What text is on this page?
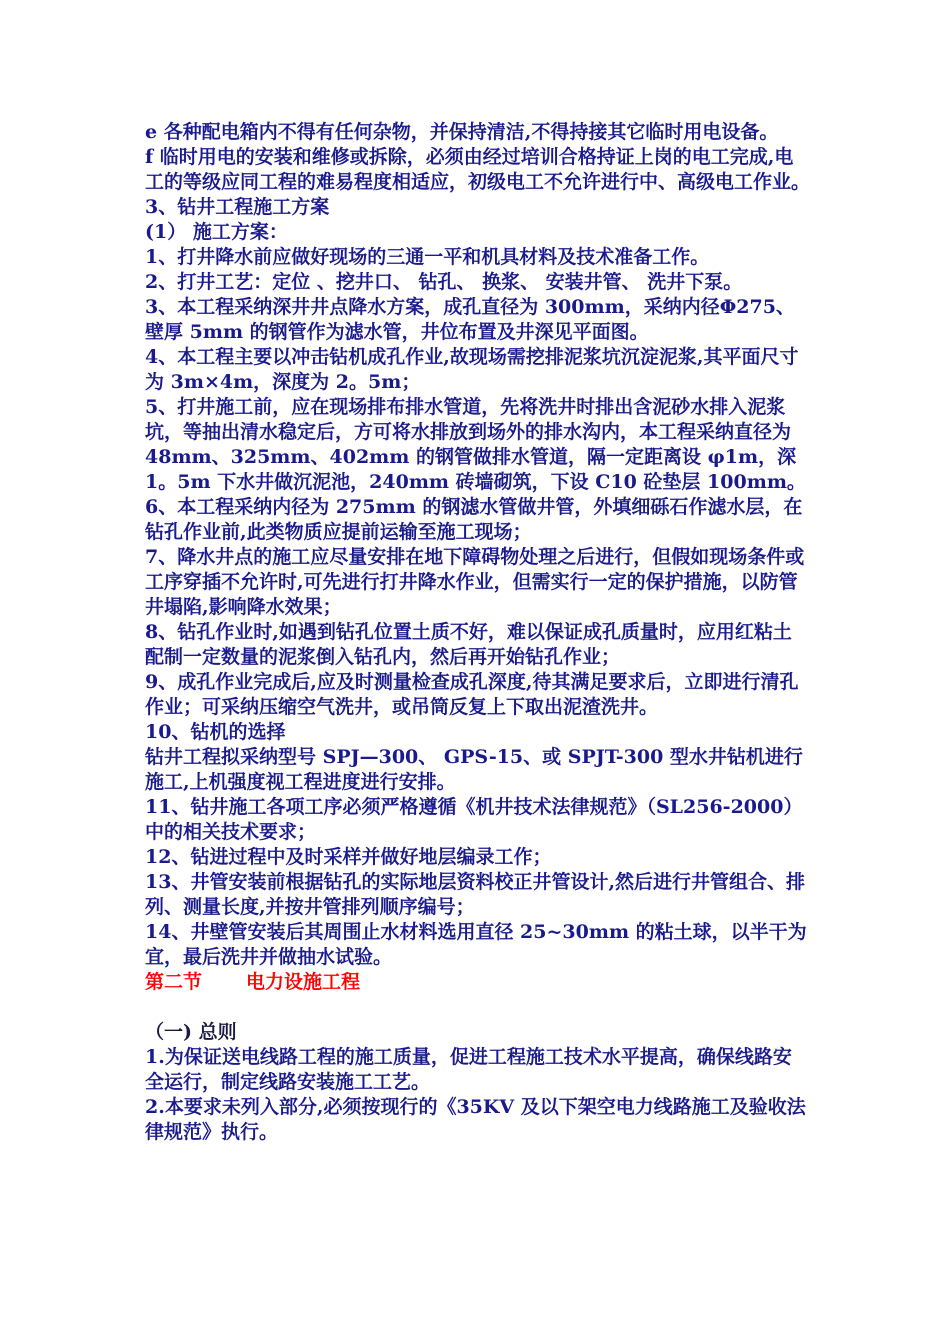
e 各种配电箱内不得有任何杂物，并保持清洁,不得持接其它临时用电设备。

f 临时用电的安装和维修或拆除，必须由经过培训合格持证上岗的电工完成,电工的等级应同工程的难易程度相适应，初级电工不允许进行中、高级电工作业。

3、钻井工程施工方案

(1） 施工方案：

1、打井降水前应做好现场的三通一平和机具材料及技术准备工作。

2、打井工艺：定位 、挖井口、 钻孔、 换浆、 安装井管、 洗井下泵。

3、本工程采纳深井井点降水方案，成孔直径为 300mm，采纳内径Φ275、壁厚 5mm 的钢管作为滤水管，井位布置及井深见平面图。

4、本工程主要以冲击钻机成孔作业,故现场需挖排泥浆坑沉淀泥浆,其平面尺寸为 3m×4m，深度为 2。5m；

5、打井施工前，应在现场排布排水管道，先将洗井时排出含泥砂水排入泥浆坑，等抽出清水稳定后，方可将水排放到场外的排水沟内，本工程采纳直径为 48mm、325mm、402mm 的钢管做排水管道，隔一定距离设 φ1m，深 1。5m 下水井做沉泥池，240mm 砖墙砌筑，下设 C10 砼垫层 100mm。

6、本工程采纳内径为 275mm 的钢滤水管做井管，外填细砾石作滤水层，在钻孔作业前,此类物质应提前运输至施工现场；

7、降水井点的施工应尽量安排在地下障碍物处理之后进行，但假如现场条件或工序穿插不允许时,可先进行打井降水作业，但需实行一定的保护措施，以防管井塌陷,影响降水效果；

8、钻孔作业时,如遇到钻孔位置土质不好，难以保证成孔质量时，应用红粘土配制一定数量的泥浆倒入钻孔内，然后再开始钻孔作业；

9、成孔作业完成后,应及时测量检查成孔深度,待其满足要求后，立即进行清孔作业；可采纳压缩空气洗井，或吊筒反复上下取出泥渣洗井。

10、钻机的选择

钻井工程拟采纳型号 SPJ—300、 GPS-15、或 SPJT-300 型水井钻机进行施工,上机强度视工程进度进行安排。

11、钻井施工各项工序必须严格遵循《机井技术法律规范》（SL256-2000）中的相关技术要求；

12、钻进过程中及时采样并做好地层编录工作；

13、井管安装前根据钻孔的实际地层资料校正井管设计,然后进行井管组合、排列、测量长度,并按井管排列顺序编号；

14、井壁管安装后其周围止水材料选用直径 25~30mm 的粘土球，以半干为宜，最后洗井并做抽水试验。

第二节 电力设施工程

（一) 总则

1.为保证送电线路工程的施工质量，促进工程施工技术水平提高，确保线路安全运行，制定线路安装施工工艺。

2.本要求未列入部分,必须按现行的《35KV 及以下架空电力线路施工及验收法律规范》执行。
